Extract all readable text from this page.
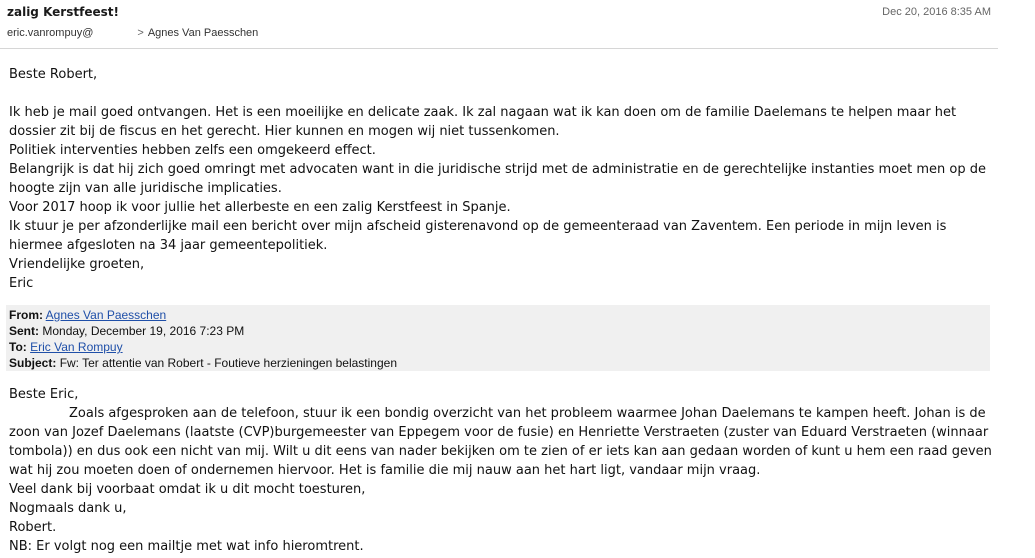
zalig Kerstfeest!	Dec 20, 2016 8:35 AM
eric.vanrompuy@	> Agnes Van Paesschen

Beste Robert,

Ik heb je mail goed ontvangen. Het is een moeilijke en delicate zaak. Ik zal nagaan wat ik kan doen om de familie Daelemans te helpen maar het dossier zit bij de fiscus en het gerecht. Hier kunnen en mogen wij niet tussenkomen.

Politiek interventies hebben zelfs een omgekeerd effect.

Belangrijk is dat hij zich goed omringt met advocaten want in die juridische strijd met de administratie en de gerechtelijke instanties moet men op de hoogte zijn van alle juridische implicaties.

Voor 2017 hoop ik voor jullie het allerbeste en een zalig Kerstfeest in Spanje.

Ik stuur je per afzonderlijke mail een bericht over mijn afscheid gisterenavond op de gemeenteraad van Zaventem. Een periode in mijn leven is hiermee afgesloten na 34 jaar gemeentepolitiek.

Vriendelijke groeten,

Eric

From: Agnes Van Paesschen
Sent: Monday, December 19, 2016 7:23 PM
To: Eric Van Rompuy
Subject: Fw: Ter attentie van Robert - Foutieve herzieningen belastingen

Beste Eric,

Zoals afgesproken aan de telefoon, stuur ik een bondig overzicht van het probleem waarmee Johan Daelemans te kampen heeft. Johan is de zoon van Jozef Daelemans (laatste (CVP)burgemeester van Eppegem voor de fusie) en Henriette Verstraeten (zuster van Eduard Verstraeten (winnaar tombola)) en dus ook een nicht van mij. Wilt u dit eens van nader bekijken om te zien of er iets kan aan gedaan worden of kunt u hem een raad geven wat hij zou moeten doen of ondernemen hiervoor. Het is familie die mij nauw aan het hart ligt, vandaar mijn vraag.

Veel dank bij voorbaat omdat ik u dit mocht toesturen,

Nogmaals dank u,

Robert.

NB: Er volgt nog een mailtje met wat info hieromtrent.
